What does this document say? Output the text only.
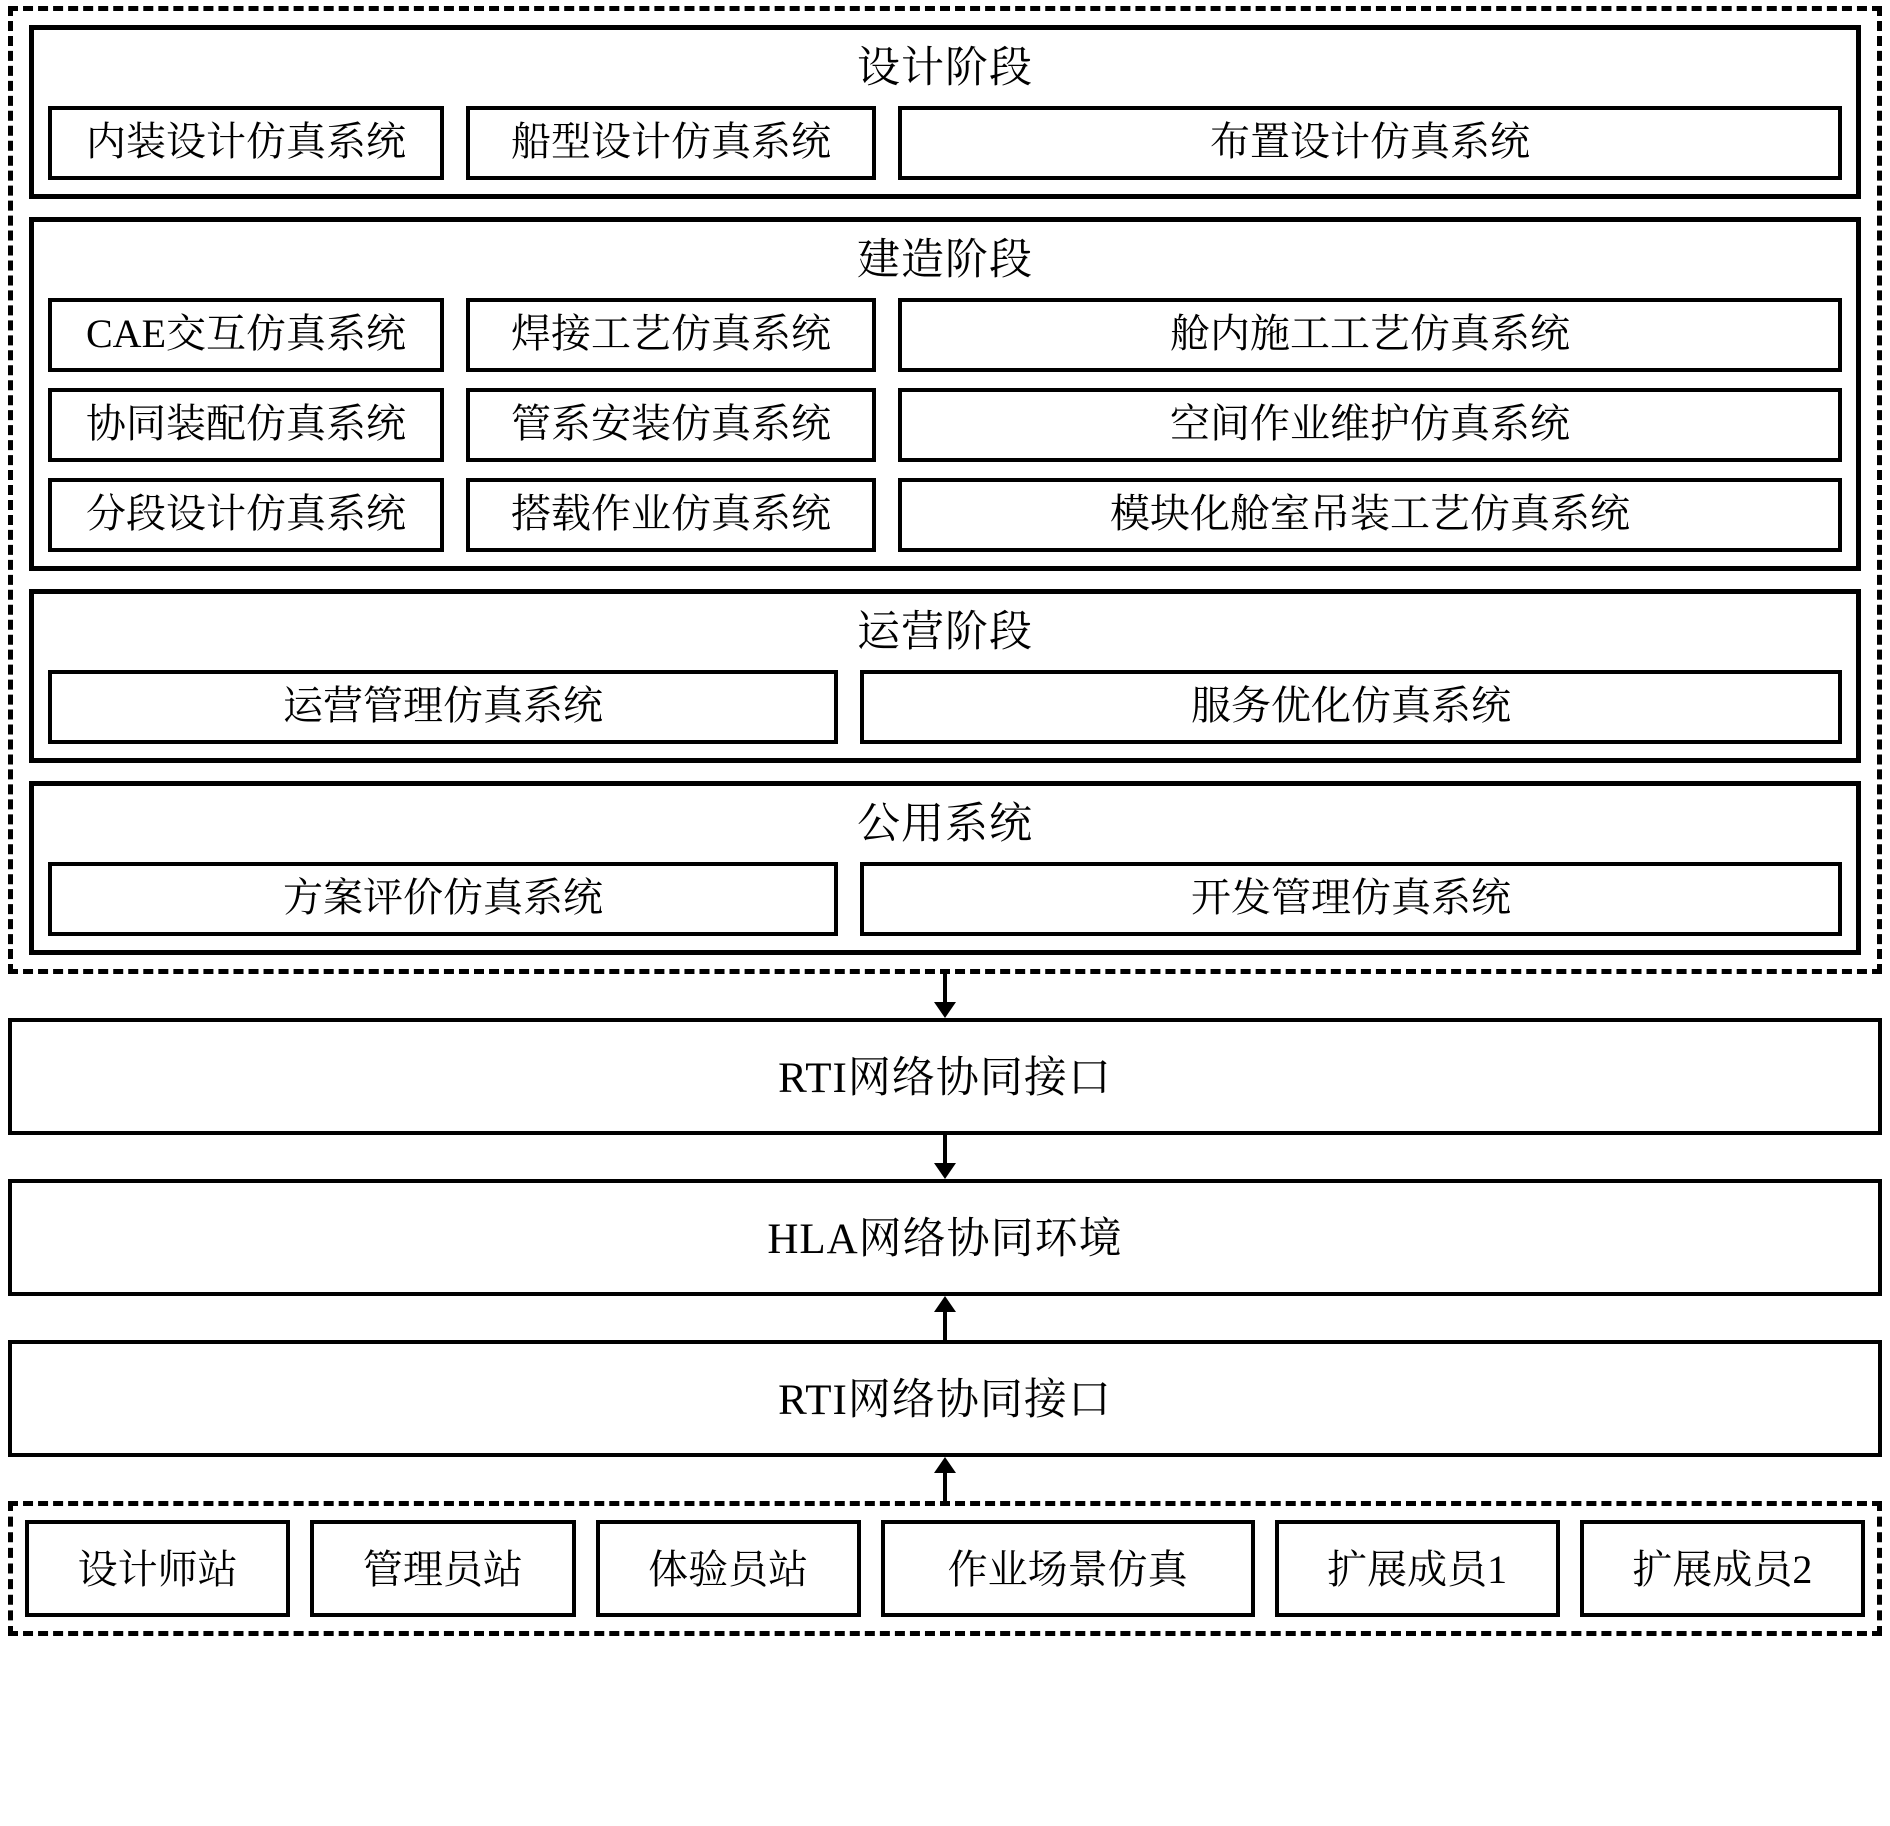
设计阶段
内装设计仿真系统	船型设计仿真系统	布置设计仿真系统
建造阶段
CAE交互仿真系统	焊接工艺仿真系统	舱内施工工艺仿真系统
协同装配仿真系统	管系安装仿真系统	空间作业维护仿真系统
分段设计仿真系统	搭载作业仿真系统	模块化舱室吊装工艺仿真系统
运营阶段
运营管理仿真系统	服务优化仿真系统
公用系统
方案评价仿真系统	开发管理仿真系统
RTI网络协同接口
HLA网络协同环境
RTI网络协同接口
设计师站	管理员站	体验员站	作业场景仿真	扩展成员1	扩展成员2
